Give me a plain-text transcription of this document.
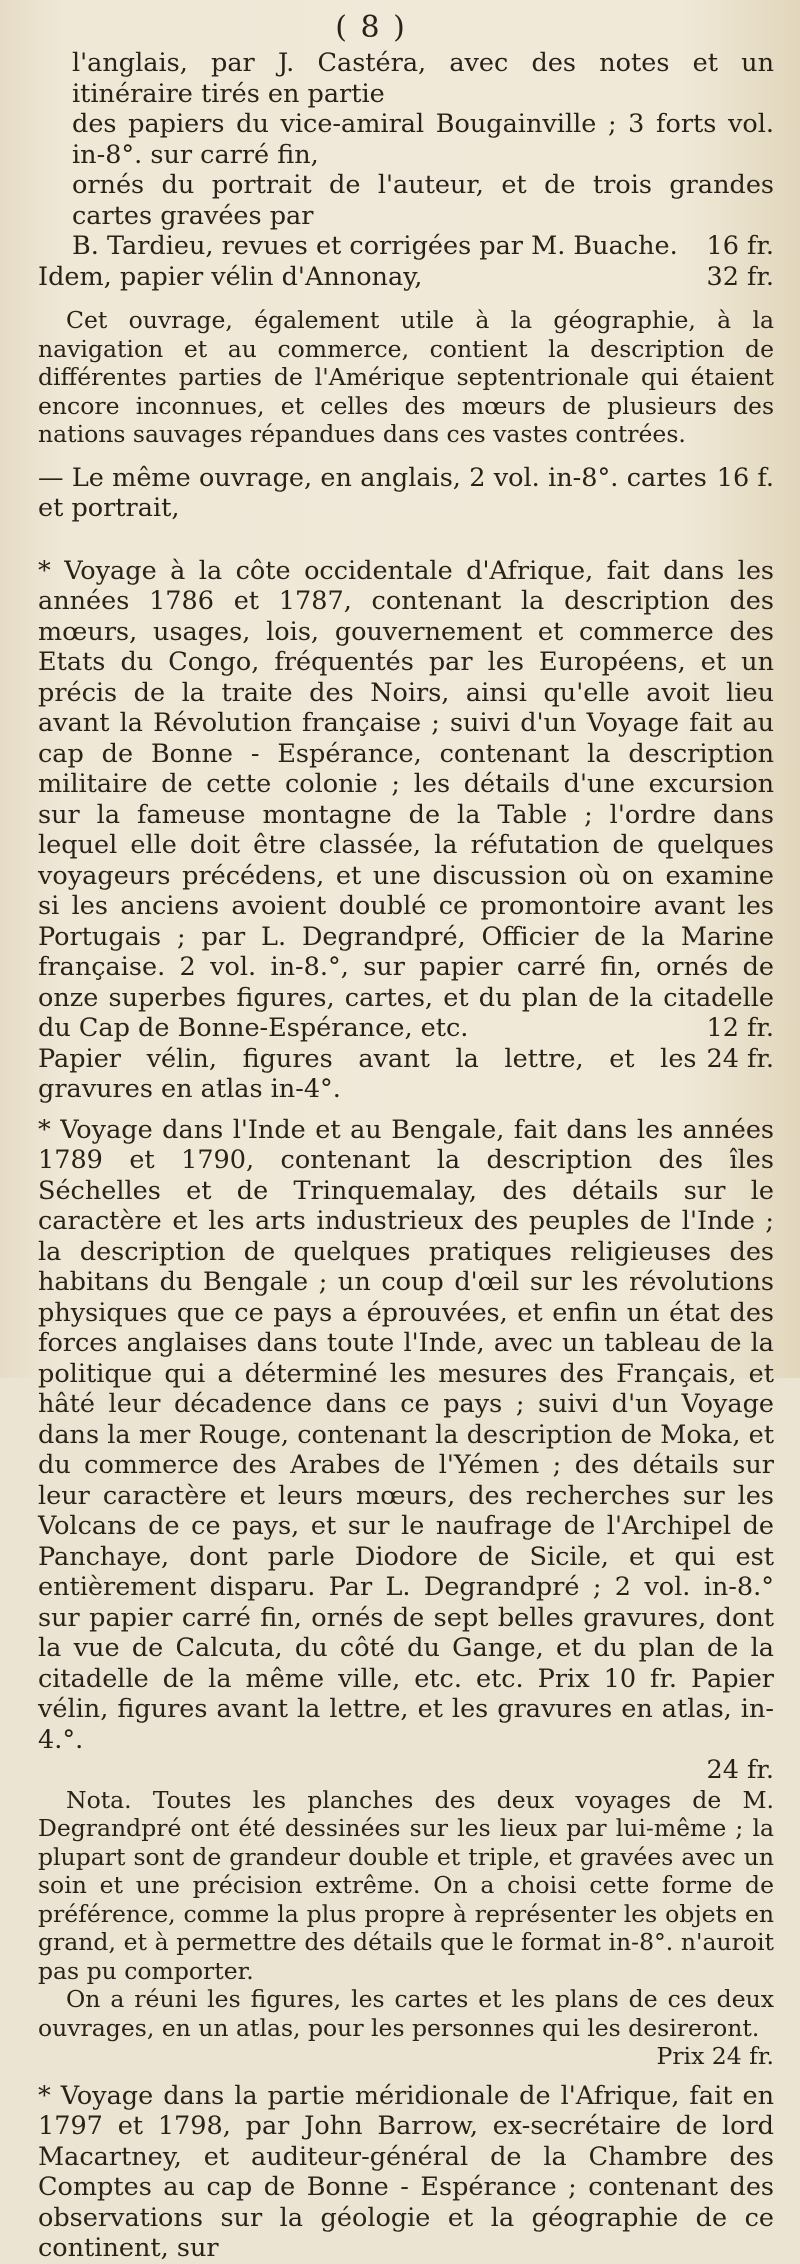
( 8 )

l'anglais, par J. Castéra, avec des notes et un itinéraire tirés en partie

des papiers du vice-amiral Bougainville ; 3 forts vol. in-8°. sur carré fin,

ornés du portrait de l'auteur, et de trois grandes cartes gravées par

B. Tardieu, revues et corrigées par M. Buache.	16 fr.
Idem, papier vélin d'Annonay,	32 fr.

Cet ouvrage, également utile à la géographie, à la navigation et au commerce, contient la description de différentes parties de l'Amérique septentrionale qui étaient encore inconnues, et celles des mœurs de plusieurs des nations sauvages répandues dans ces vastes contrées.

— Le même ouvrage, en anglais, 2 vol. in-8°. cartes et portrait,
16 f.

* Voyage à la côte occidentale d'Afrique, fait dans les années 1786 et 1787, contenant la description des mœurs, usages, lois, gouvernement et commerce des Etats du Congo, fréquentés par les Européens, et un précis de la traite des Noirs, ainsi qu'elle avoit lieu avant la Révolution française ; suivi d'un Voyage fait au cap de Bonne - Espérance, contenant la description militaire de cette colonie ; les détails d'une excursion sur la fameuse montagne de la Table ; l'ordre dans lequel elle doit être classée, la réfutation de quelques voyageurs précédens, et une discussion où on examine si les anciens avoient doublé ce promontoire avant les Portugais ; par L. Degrandpré, Officier de la Marine française. 2 vol. in-8.°, sur papier carré fin, ornés de onze superbes figures, cartes, et du plan de la citadelle du Cap de Bonne-Espérance, etc.	12 fr.
Papier vélin, figures avant la lettre, et les gravures en atlas in-4°.
24 fr.

* Voyage dans l'Inde et au Bengale, fait dans les années 1789 et 1790, contenant la description des îles Séchelles et de Trinquemalay, des détails sur le caractère et les arts industrieux des peuples de l'Inde ; la description de quelques pratiques religieuses des habitans du Bengale ; un coup d'œil sur les révolutions physiques que ce pays a éprouvées, et enfin un état des forces anglaises dans toute l'Inde, avec un tableau de la politique qui a déterminé les mesures des Français, et hâté leur décadence dans ce pays ; suivi d'un Voyage dans la mer Rouge, contenant la description de Moka, et du commerce des Arabes de l'Yémen ; des détails sur leur caractère et leurs mœurs, des recherches sur les Volcans de ce pays, et sur le naufrage de l'Archipel de Panchaye, dont parle Diodore de Sicile, et qui est entièrement disparu. Par L. Degrandpré ; 2 vol. in-8.° sur papier carré fin, ornés de sept belles gravures, dont la vue de Calcuta, du côté du Gange, et du plan de la citadelle de la même ville, etc. etc. Prix 10 fr. Papier vélin, figures avant la lettre, et les gravures en atlas, in-4.°.

24 fr.

Nota. Toutes les planches des deux voyages de M. Degrandpré ont été dessinées sur les lieux par lui-même ; la plupart sont de grandeur double et triple, et gravées avec un soin et une précision extrême. On a choisi cette forme de préférence, comme la plus propre à représenter les objets en grand, et à permettre des détails que le format in-8°. n'auroit pas pu comporter.

On a réuni les figures, les cartes et les plans de ces deux ouvrages, en un atlas, pour les personnes qui les desireront.

Prix 24 fr.

* Voyage dans la partie méridionale de l'Afrique, fait en 1797 et 1798, par John Barrow, ex-secrétaire de lord Macartney, et auditeur-général de la Chambre des Comptes au cap de Bonne - Espérance ; contenant des observations sur la géologie et la géographie de ce continent, sur
